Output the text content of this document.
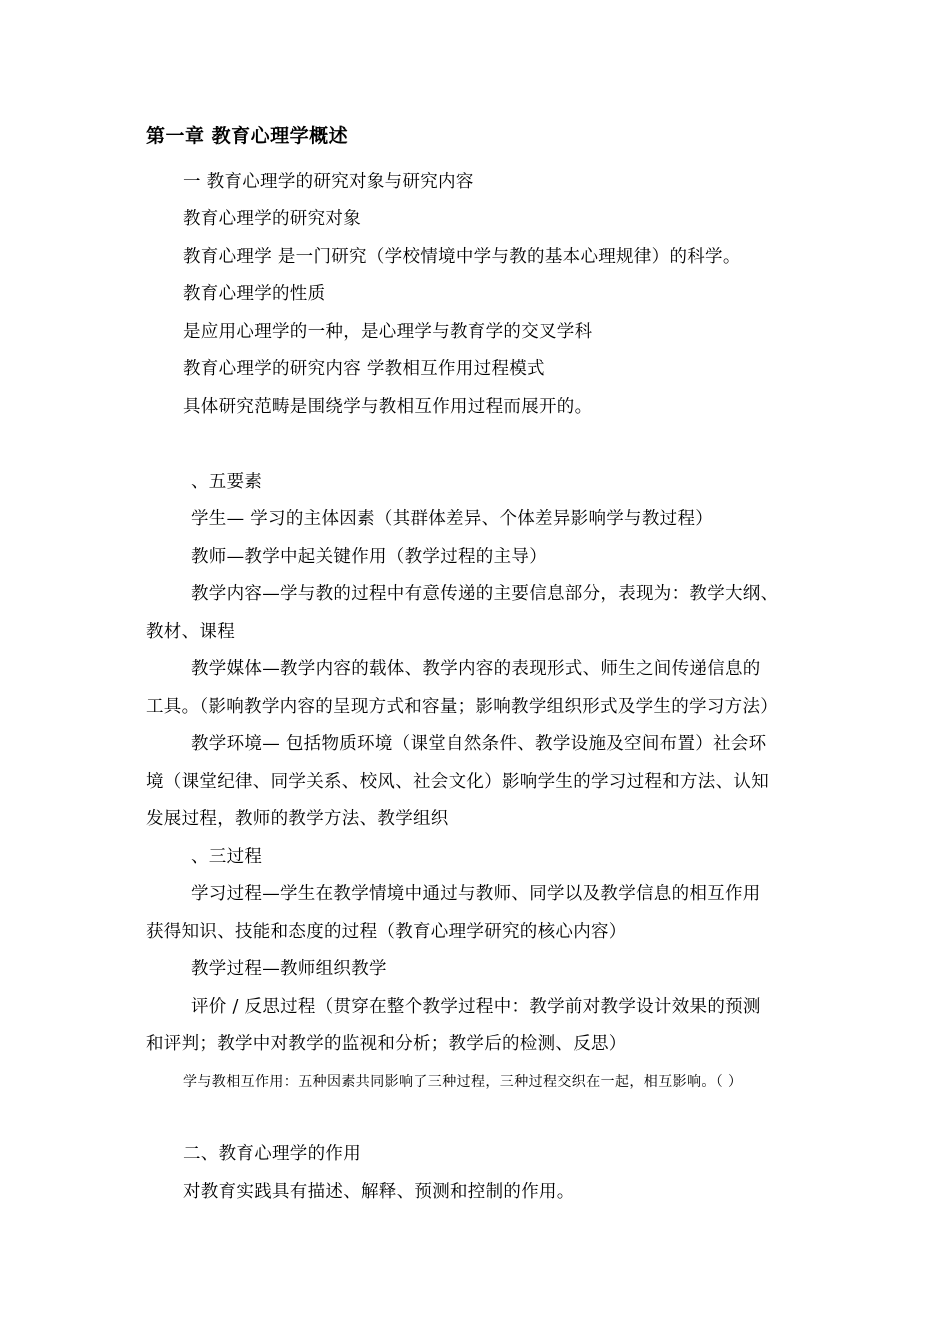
第一章 教育心理学概述
一 教育心理学的研究对象与研究内容
教育心理学的研究对象
教育心理学 是一门研究（学校情境中学与教的基本心理规律）的科学。
教育心理学的性质
是应用心理学的一种，是心理学与教育学的交叉学科
教育心理学的研究内容 学教相互作用过程模式
具体研究范畴是围绕学与教相互作用过程而展开的。
、五要素
学生— 学习的主体因素（其群体差异、个体差异影响学与教过程）
教师—教学中起关键作用（教学过程的主导）
教学内容—学与教的过程中有意传递的主要信息部分，表现为：教学大纲、
教材、课程
教学媒体—教学内容的载体、教学内容的表现形式、师生之间传递信息的
工具。（影响教学内容的呈现方式和容量；影响教学组织形式及学生的学习方法）
教学环境— 包括物质环境（课堂自然条件、教学设施及空间布置）社会环
境（课堂纪律、同学关系、校风、社会文化）影响学生的学习过程和方法、认知
发展过程，教师的教学方法、教学组织
、三过程
学习过程—学生在教学情境中通过与教师、同学以及教学信息的相互作用
获得知识、技能和态度的过程（教育心理学研究的核心内容）
教学过程—教师组织教学
评价 / 反思过程（贯穿在整个教学过程中：教学前对教学设计效果的预测
和评判；教学中对教学的监视和分析；教学后的检测、反思）
学与教相互作用：五种因素共同影响了三种过程，三种过程交织在一起，相互影响。（ ）
二、教育心理学的作用
对教育实践具有描述、解释、预测和控制的作用。
